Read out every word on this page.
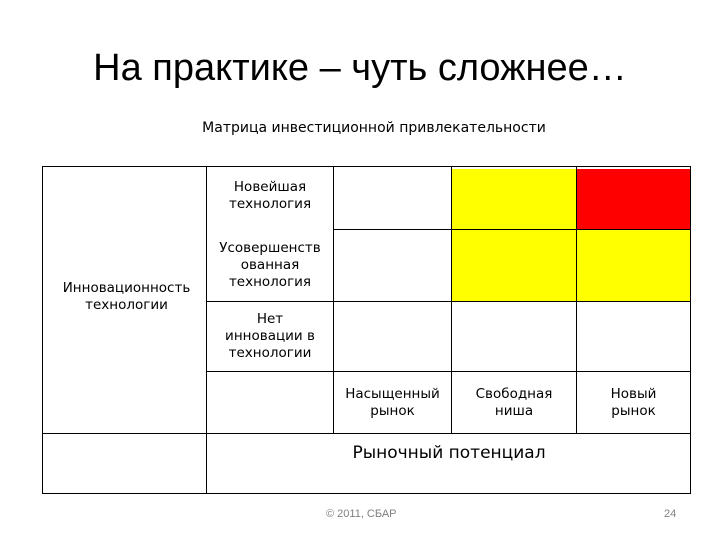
На практике – чуть сложнее…
Матрица инвестиционной привлекательности
Инновационность технологии
Новейшая технология
Усовершенств
ованная
технология
Нет
инновации в
технологии
Насыщенный
рынок
Свободная
ниша
Новый
рынок
Рыночный потенциал
© 2011, СБАР	24
